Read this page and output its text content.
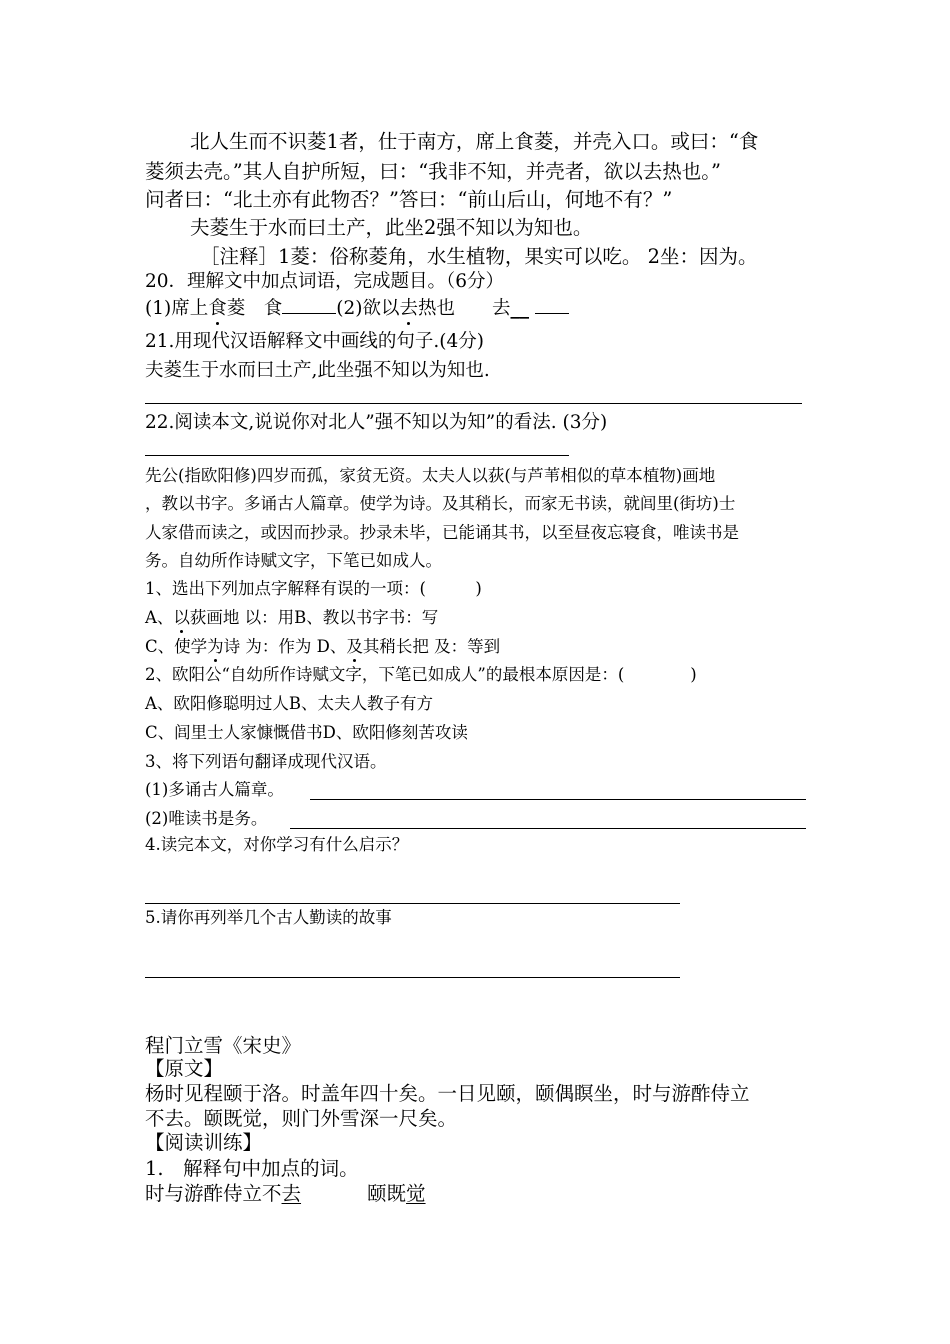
北人生而不识菱1者，仕于南方，席上食菱，并壳入口。或曰：“食
菱须去壳。”其人自护所短，曰：“我非不知，并壳者，欲以去热也。”
问者曰：“北土亦有此物否？”答曰：“前山后山，何地不有？”
夫菱生于水而曰土产，此坐2强不知以为知也。
［注释］1菱：俗称菱角，水生植物，果实可以吃。 2坐：因为。
20．理解文中加点词语，完成题目。（6分）
(1)席上食菱　食	(2)欲以去热也　　去__
21.用现代汉语解释文中画线的句子.(4分)
夫菱生于水而曰土产,此坐强不知以为知也.
22.阅读本文,说说你对北人”强不知以为知”的看法. (3分)
先公(指欧阳修)四岁而孤，家贫无资。太夫人以荻(与芦苇相似的草本植物)画地
，教以书字。多诵古人篇章。使学为诗。及其稍长，而家无书读，就闾里(街坊)士
人家借而读之，或因而抄录。抄录未毕，已能诵其书，以至昼夜忘寝食，唯读书是
务。自幼所作诗赋文字，下笔已如成人。
1、选出下列加点字解释有误的一项：(　　　)
A、以荻画地 以：用B、教以书字书：写
C、使学为诗 为：作为 D、及其稍长把 及：等到
2、欧阳公“自幼所作诗赋文字，下笔已如成人”的最根本原因是：(　　　　)
A、欧阳修聪明过人B、太夫人教子有方
C、闾里士人家慷慨借书D、欧阳修刻苦攻读
3、将下列语句翻译成现代汉语。
(1)多诵古人篇章。
(2)唯读书是务。
4.读完本文，对你学习有什么启示？
5.请你再列举几个古人勤读的故事
程门立雪《宋史》
【原文】
杨时见程颐于洛。时盖年四十矣。一日见颐，颐偶瞑坐，时与游酢侍立
不去。颐既觉，则门外雪深一尺矣。
【阅读训练】
1.　解释句中加点的词。
时与游酢侍立不去	颐既觉
